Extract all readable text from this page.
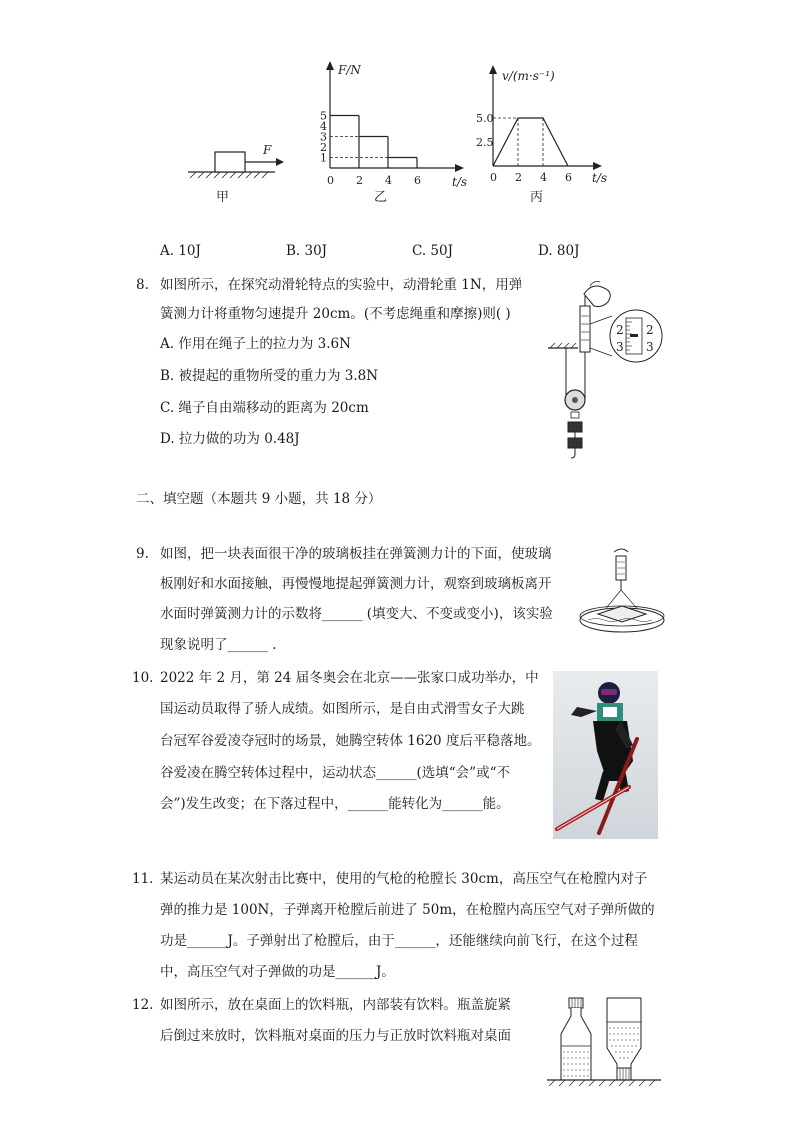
F
甲
F/N
t/s
1
2
3
4
5
0 2 4 6
乙
v/(m·s⁻¹)
t/s
2.5
5.0
0 2 4 6
丙
A. 10J	B. 30J	C. 50J	D. 80J
8. 如图所示，在探究动滑轮特点的实验中，动滑轮重 1N，用弹
簧测力计将重物匀速提升 20cm。(不考虑绳重和摩擦)则( )
A. 作用在绳子上的拉力为 3.6N
B. 被提起的重物所受的重力为 3.8N
C. 绳子自由端移动的距离为 20cm
D. 拉力做的功为 0.48J
2
3
2
3
二、填空题（本题共 9 小题，共 18 分）
9. 如图，把一块表面很干净的玻璃板挂在弹簧测力计的下面，使玻璃
板刚好和水面接触，再慢慢地提起弹簧测力计，观察到玻璃板离开
水面时弹簧测力计的示数将______ (填变大、不变或变小)，该实验
现象说明了______ .
10. 2022 年 2 月，第 24 届冬奥会在北京——张家口成功举办，中
国运动员取得了骄人成绩。如图所示，是自由式滑雪女子大跳
台冠军谷爱凌夺冠时的场景，她腾空转体 1620 度后平稳落地。
谷爱凌在腾空转体过程中，运动状态______(选填“会”或“不
会”)发生改变；在下落过程中，______能转化为______能。
11. 某运动员在某次射击比赛中，使用的气枪的枪膛长 30cm，高压空气在枪膛内对子
弹的推力是 100N，子弹离开枪膛后前进了 50m，在枪膛内高压空气对子弹所做的
功是______J。子弹射出了枪膛后，由于______，还能继续向前飞行，在这个过程
中，高压空气对子弹做的功是______J。
12. 如图所示，放在桌面上的饮料瓶，内部装有饮料。瓶盖旋紧
后倒过来放时，饮料瓶对桌面的压力与正放时饮料瓶对桌面
